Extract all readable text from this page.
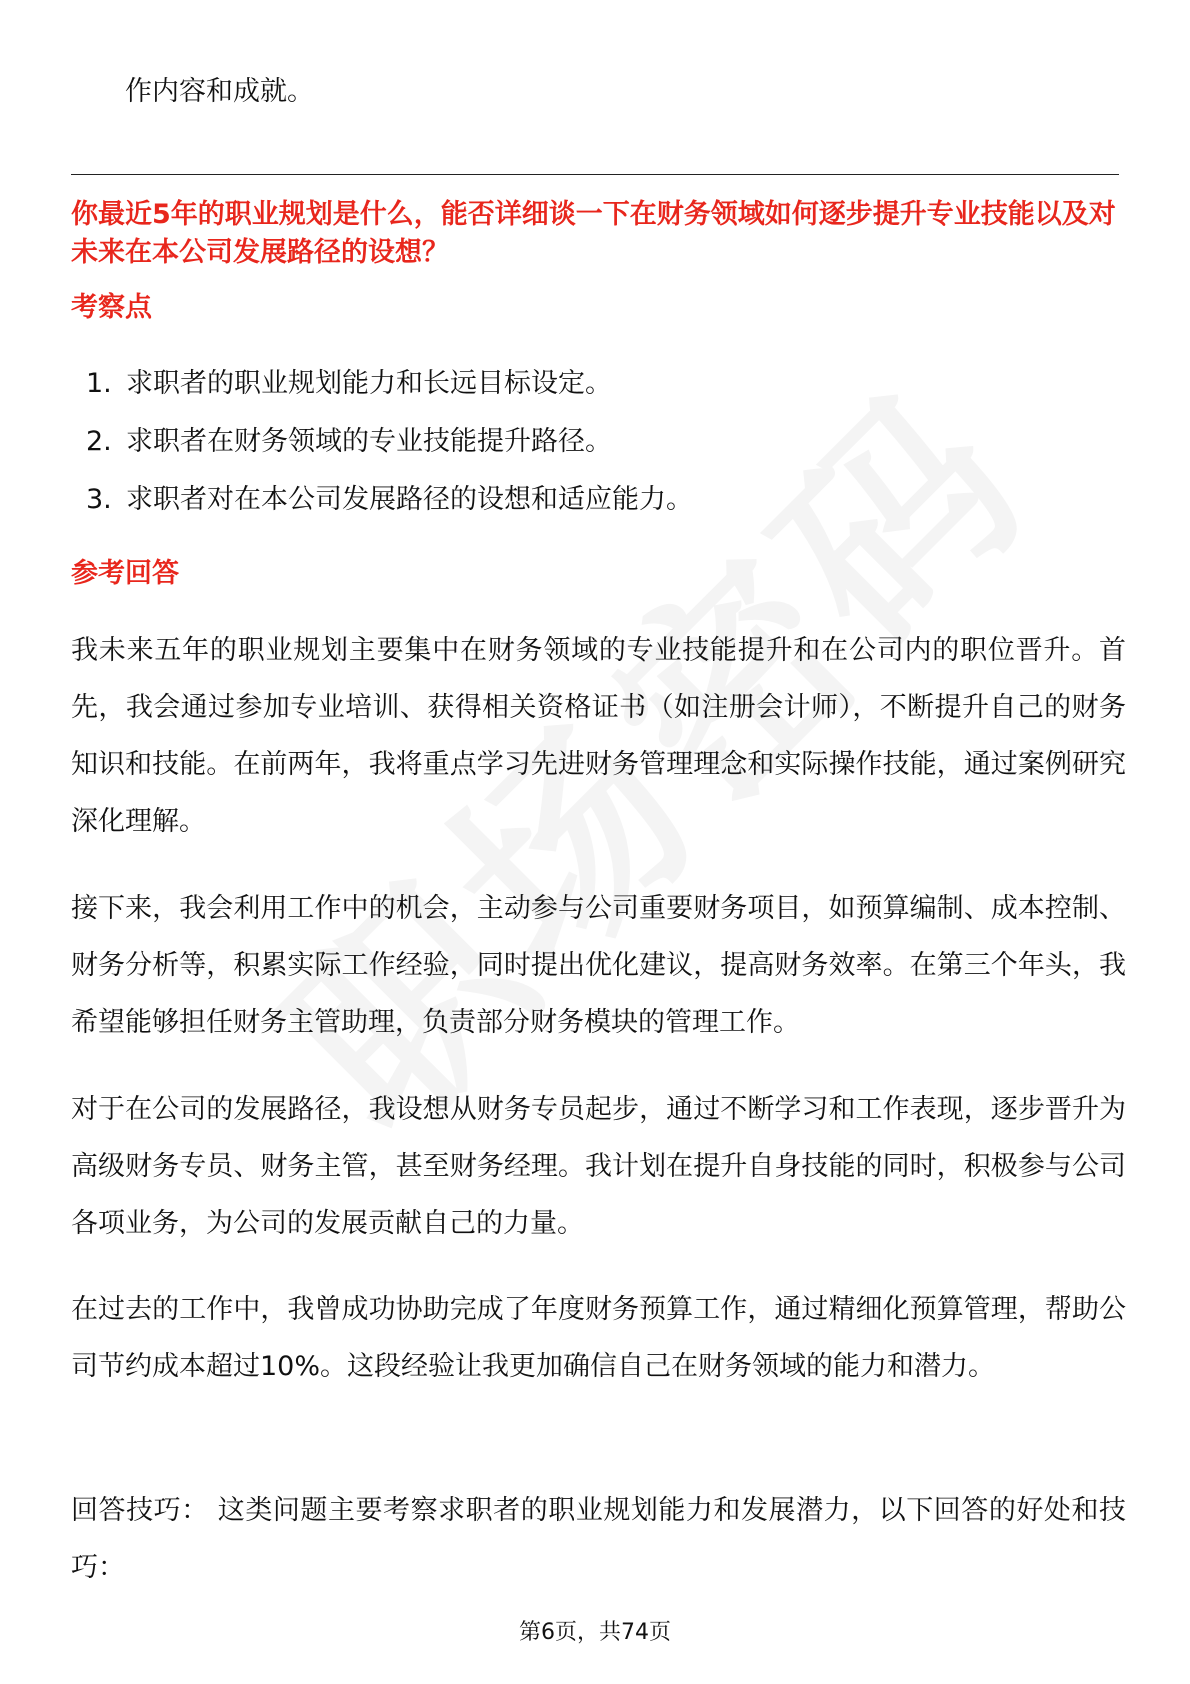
作内容和成就。
你最近5年的职业规划是什么，能否详细谈一下在财务领域如何逐步提升专业技能以及对未来在本公司发展路径的设想？
考察点
1. 求职者的职业规划能力和长远目标设定。
2. 求职者在财务领域的专业技能提升路径。
3. 求职者对在本公司发展路径的设想和适应能力。
参考回答

我未来五年的职业规划主要集中在财务领域的专业技能提升和在公司内的职位晋升。首先，我会通过参加专业培训、获得相关资格证书（如注册会计师），不断提升自己的财务知识和技能。在前两年，我将重点学习先进财务管理理念和实际操作技能，通过案例研究深化理解。

接下来，我会利用工作中的机会，主动参与公司重要财务项目，如预算编制、成本控制、财务分析等，积累实际工作经验，同时提出优化建议，提高财务效率。在第三个年头，我希望能够担任财务主管助理，负责部分财务模块的管理工作。

对于在公司的发展路径，我设想从财务专员起步，通过不断学习和工作表现，逐步晋升为高级财务专员、财务主管，甚至财务经理。我计划在提升自身技能的同时，积极参与公司各项业务，为公司的发展贡献自己的力量。

在过去的工作中，我曾成功协助完成了年度财务预算工作，通过精细化预算管理，帮助公司节约成本超过10%。这段经验让我更加确信自己在财务领域的能力和潜力。

回答技巧： 这类问题主要考察求职者的职业规划能力和发展潜力，以下回答的好处和技巧：

第6页，共74页
